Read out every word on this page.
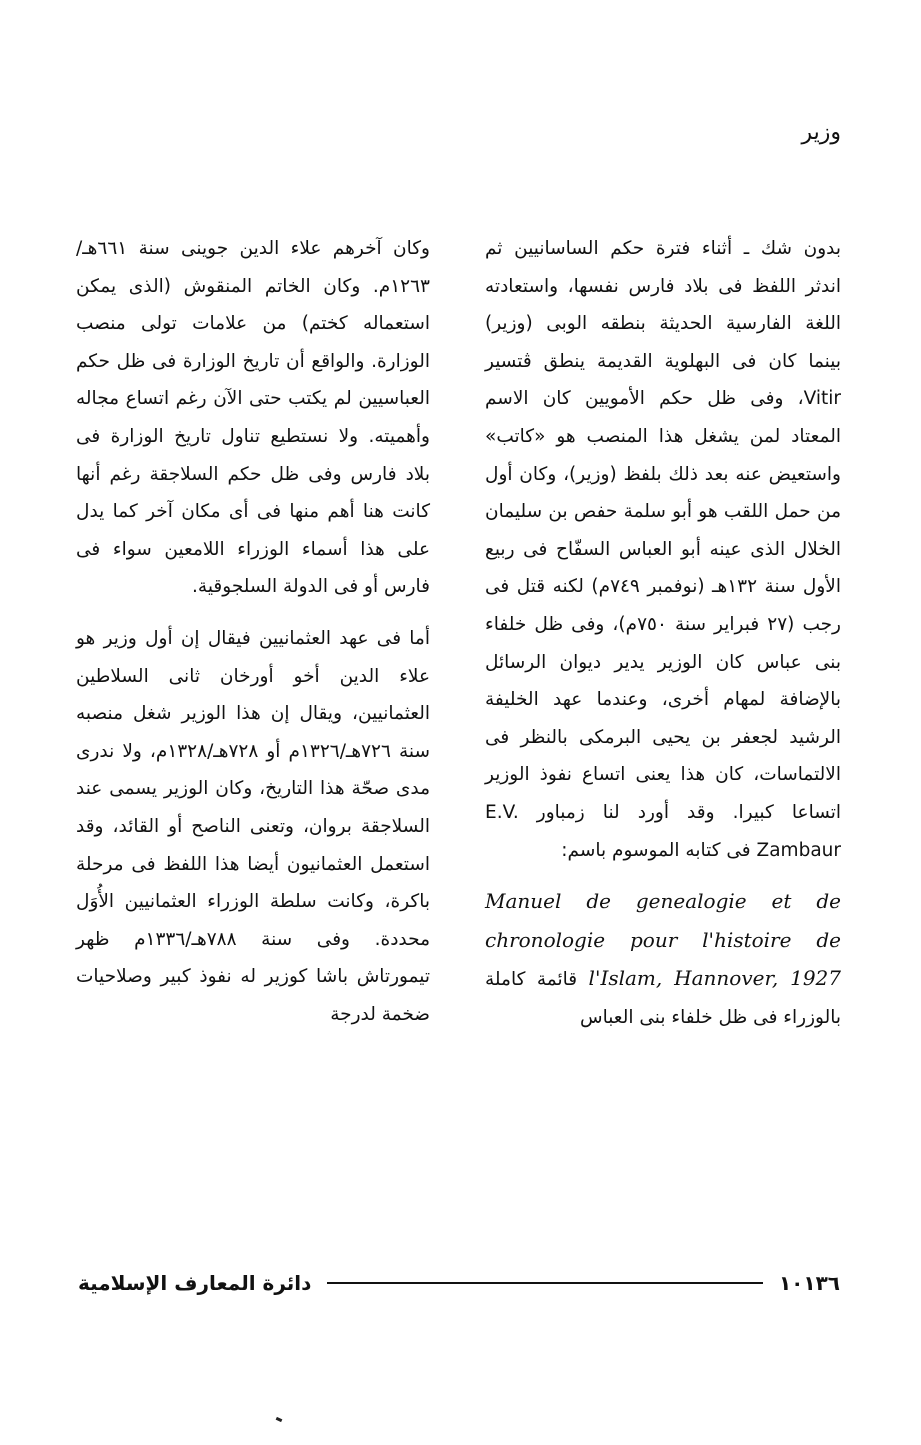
وزير

بدون شك ـ أثناء فترة حكم الساسانيين ثم اندثر اللفظ فى بلاد فارس نفسها، واستعادته اللغة الفارسية الحديثة بنطقه الوبى (وزير) بينما كان فى البهلوية القديمة ينطق ڤتسير Vitir، وفى ظل حكم الأمويين كان الاسم المعتاد لمن يشغل هذا المنصب هو «كاتب» واستعيض عنه بعد ذلك بلفظ (وزير)، وكان أول من حمل اللقب هو أبو سلمة حفص بن سليمان الخلال الذى عينه أبو العباس السفّاح فى ربيع الأول سنة ١٣٢هـ (نوفمبر ٧٤٩م) لكنه قتل فى رجب (٢٧ فبراير سنة ٧٥٠م)، وفى ظل خلفاء بنى عباس كان الوزير يدير ديوان الرسائل بالإضافة لمهام أخرى، وعندما عهد الخليفة الرشيد لجعفر بن يحيى البرمكى بالنظر فى الالتماسات، كان هذا يعنى اتساع نفوذ الوزير اتساعا كبيرا. وقد أورد لنا زمباور E.V. Zambaur فى كتابه الموسوم باسم:

Manuel de genealogie et de chronologie pour l'histoire de l'Islam, Hannover, 1927 قائمة كاملة بالوزراء فى ظل خلفاء بنى العباس

وكان آخرهم علاء الدين جوينى سنة ٦٦١هـ/١٢٦٣م. وكان الخاتم المنقوش (الذى يمكن استعماله كختم) من علامات تولى منصب الوزارة. والواقع أن تاريخ الوزارة فى ظل حكم العباسيين لم يكتب حتى الآن رغم اتساع مجاله وأهميته. ولا نستطيع تناول تاريخ الوزارة فى بلاد فارس وفى ظل حكم السلاجقة رغم أنها كانت هنا أهم منها فى أى مكان آخر كما يدل على هذا أسماء الوزراء اللامعين سواء فى فارس أو فى الدولة السلجوقية.

أما فى عهد العثمانيين فيقال إن أول وزير هو علاء الدين أخو أورخان ثانى السلاطين العثمانيين، ويقال إن هذا الوزير شغل منصبه سنة ٧٢٦هـ/١٣٢٦م أو ٧٢٨هـ/١٣٢٨م، ولا ندرى مدى صحّة هذا التاريخ، وكان الوزير يسمى عند السلاجقة بروان، وتعنى الناصح أو القائد، وقد استعمل العثمانيون أيضا هذا اللفظ فى مرحلة باكرة، وكانت سلطة الوزراء العثمانيين الأُوَل محددة. وفى سنة ٧٨٨هـ/١٣٣٦م ظهر تيمورتاش باشا كوزير له نفوذ كبير وصلاحيات ضخمة لدرجة

دائرة المعارف الإسلامية	١٠١٣٦
